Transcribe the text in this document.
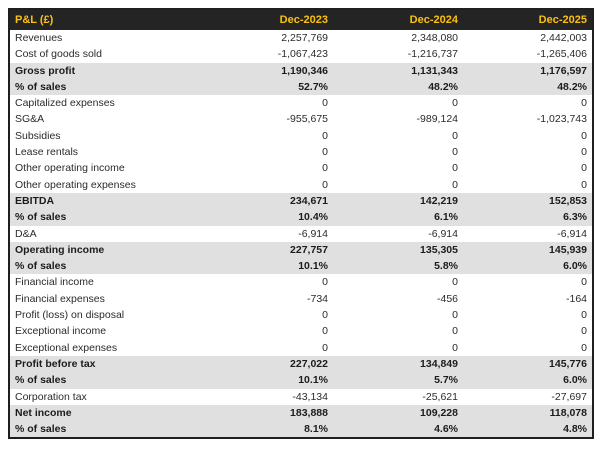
P&L (£)	Dec-2023	Dec-2024	Dec-2025
Revenues	2,257,769	2,348,080	2,442,003
Cost of goods sold	-1,067,423	-1,216,737	-1,265,406
Gross profit	1,190,346	1,131,343	1,176,597
% of sales	52.7%	48.2%	48.2%
Capitalized expenses	0	0	0
SG&A	-955,675	-989,124	-1,023,743
Subsidies	0	0	0
Lease rentals	0	0	0
Other operating income	0	0	0
Other operating expenses	0	0	0
EBITDA	234,671	142,219	152,853
% of sales	10.4%	6.1%	6.3%
D&A	-6,914	-6,914	-6,914
Operating income	227,757	135,305	145,939
% of sales	10.1%	5.8%	6.0%
Financial income	0	0	0
Financial expenses	-734	-456	-164
Profit (loss) on disposal	0	0	0
Exceptional income	0	0	0
Exceptional expenses	0	0	0
Profit before tax	227,022	134,849	145,776
% of sales	10.1%	5.7%	6.0%
Corporation tax	-43,134	-25,621	-27,697
Net income	183,888	109,228	118,078
% of sales	8.1%	4.6%	4.8%
